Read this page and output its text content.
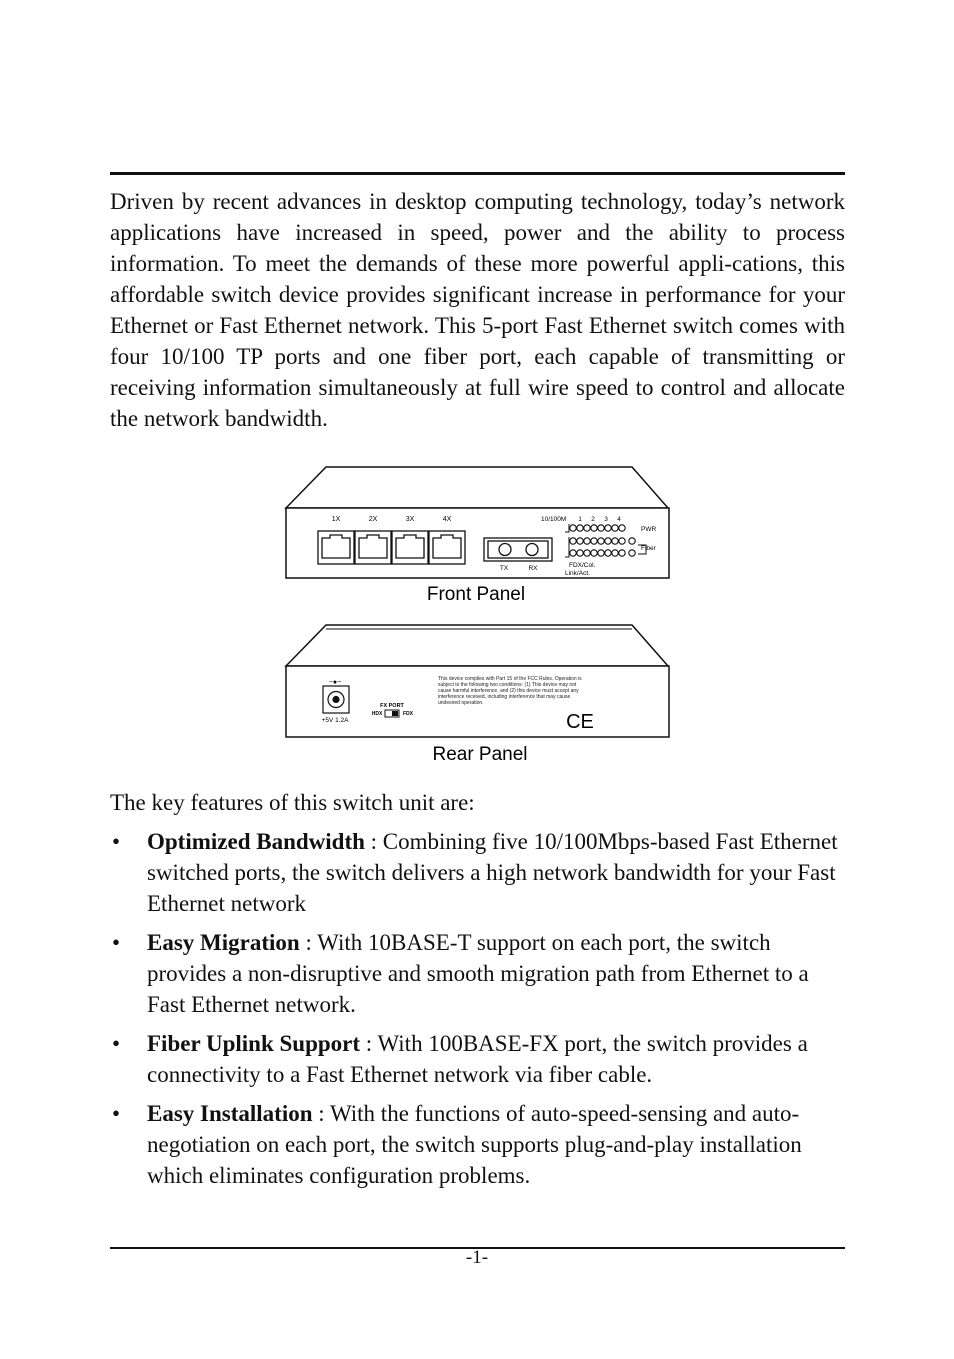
Driven by recent advances in desktop computing technology, today’s network applications have increased in speed, power and the ability to process information. To meet the demands of these more powerful appli-cations, this affordable switch device provides significant increase in performance for your Ethernet or Fast Ethernet network. This 5-port Fast Ethernet switch comes with four 10/100 TP ports and one fiber port, each capable of transmitting or receiving information simultaneously at full wire speed to control and allocate the network bandwidth.

1X	2X	3X	4X
TX	RX
10/100M 1 2 3 4
PWR
Fiber
FDX/Col.
Link/Act.
Front Panel
−●−
+5V 1.2A
FX PORT
HDX	FDX
This device complies with Part 15 of the FCC Rules. Operation is
subject to the following two conditions: (1) This device may not
cause harmful interference, and (2) this device must accept any
interference received, including interference that may cause
undesired operation.
CE
Rear Panel

The key features of this switch unit are:

• Optimized Bandwidth : Combining five 10/100Mbps-based Fast Ethernet switched ports, the switch delivers a high network bandwidth for your Fast Ethernet network
• Easy Migration : With 10BASE-T support on each port, the switch provides a non-disruptive and smooth migration path from Ethernet to a Fast Ethernet network.
• Fiber Uplink Support : With 100BASE-FX port, the switch provides a connectivity to a Fast Ethernet network via fiber cable.
• Easy Installation : With the functions of auto-speed-sensing and auto-negotiation on each port, the switch supports plug-and-play installation which eliminates configuration problems.
-1-
